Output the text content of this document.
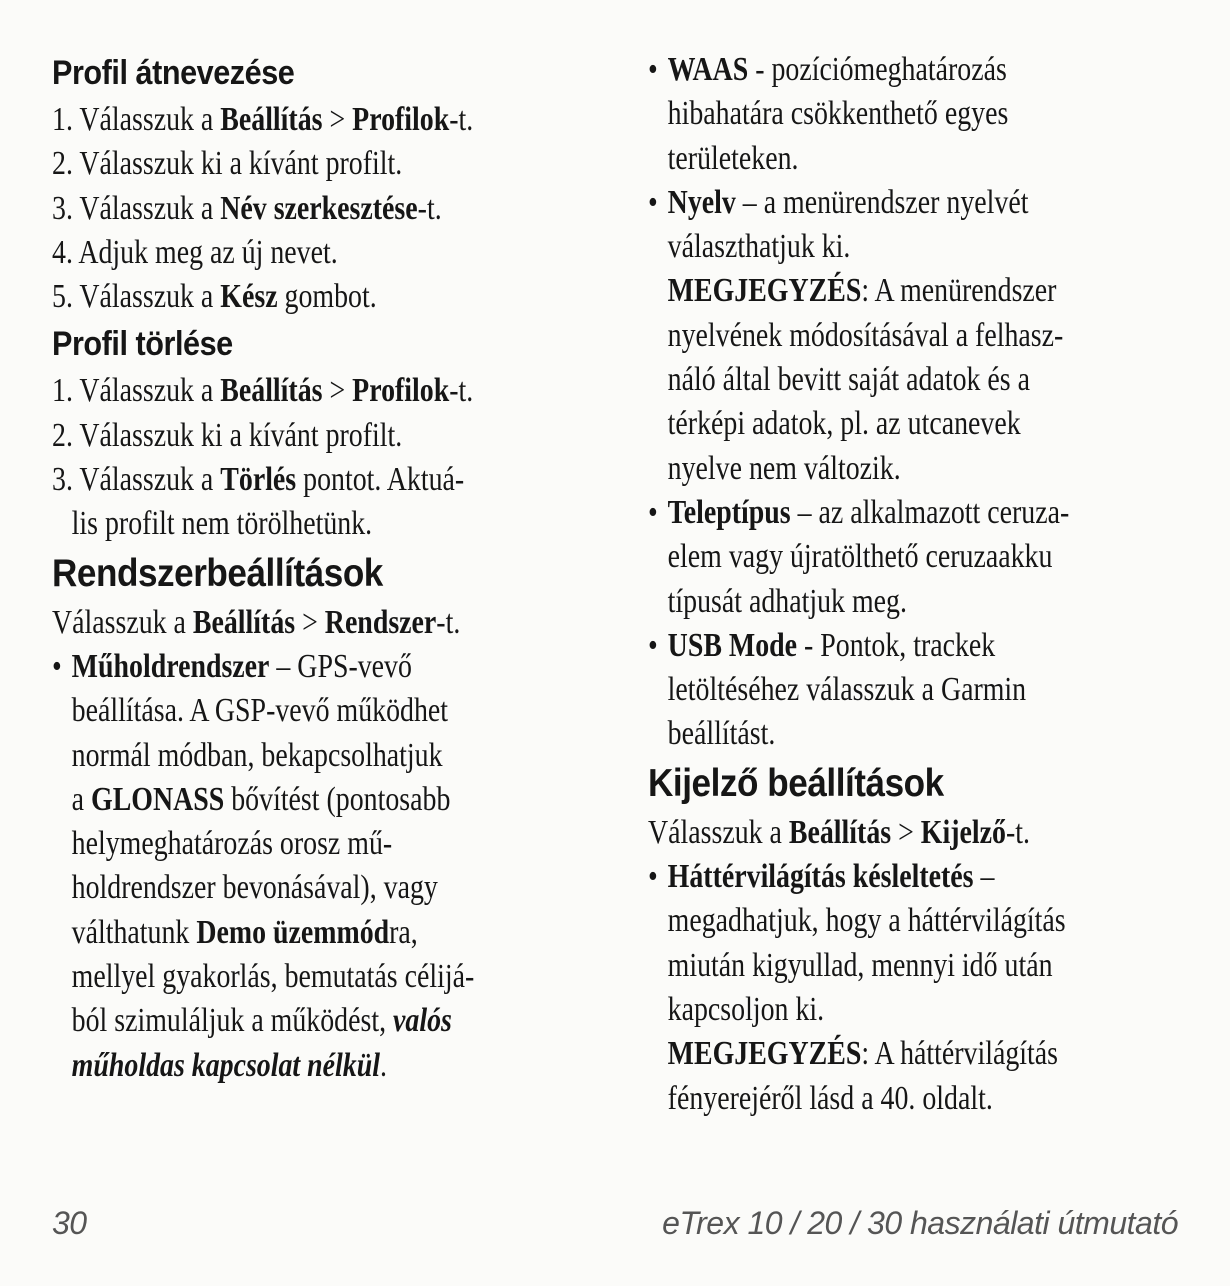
Profil átnevezése
1. Válasszuk a Beállítás > Profilok-t.
2. Válasszuk ki a kívánt profilt.
3. Válasszuk a Név szerkesztése-t.
4. Adjuk meg az új nevet.
5. Válasszuk a Kész gombot.
Profil törlése
1. Válasszuk a Beállítás > Profilok-t.
2. Válasszuk ki a kívánt profilt.
3. Válasszuk a Törlés pontot. Aktuá-
lis profilt nem törölhetünk.
Rendszerbeállítások
Válasszuk a Beállítás > Rendszer-t.
• Műholdrendszer – GPS-vevő
beállítása. A GSP-vevő működhet
normál módban, bekapcsolhatjuk
a GLONASS bővítést (pontosabb
helymeghatározás orosz mű-
holdrendszer bevonásával), vagy
válthatunk Demo üzemmódra,
mellyel gyakorlás, bemutatás célijá-
ból szimuláljuk a működést, valós
műholdas kapcsolat nélkül.
• WAAS - pozíciómeghatározás
hibahatára csökkenthető egyes
területeken.
• Nyelv – a menürendszer nyelvét
választhatjuk ki.
MEGJEGYZÉS: A menürendszer
nyelvének módosításával a felhasz-
náló által bevitt saját adatok és a
térképi adatok, pl. az utcanevek
nyelve nem változik.
• Teleptípus – az alkalmazott ceruza-
elem vagy újratölthető ceruzaakku
típusát adhatjuk meg.
• USB Mode - Pontok, trackek
letöltéséhez válasszuk a Garmin
beállítást.
Kijelző beállítások
Válasszuk a Beállítás > Kijelző-t.
• Háttérvilágítás késleltetés –
megadhatjuk, hogy a háttérvilágítás
miután kigyullad, mennyi idő után
kapcsoljon ki.
MEGJEGYZÉS: A háttérvilágítás
fényerejéről lásd a 40. oldalt.
30	eTrex 10 / 20 / 30 használati útmutató
